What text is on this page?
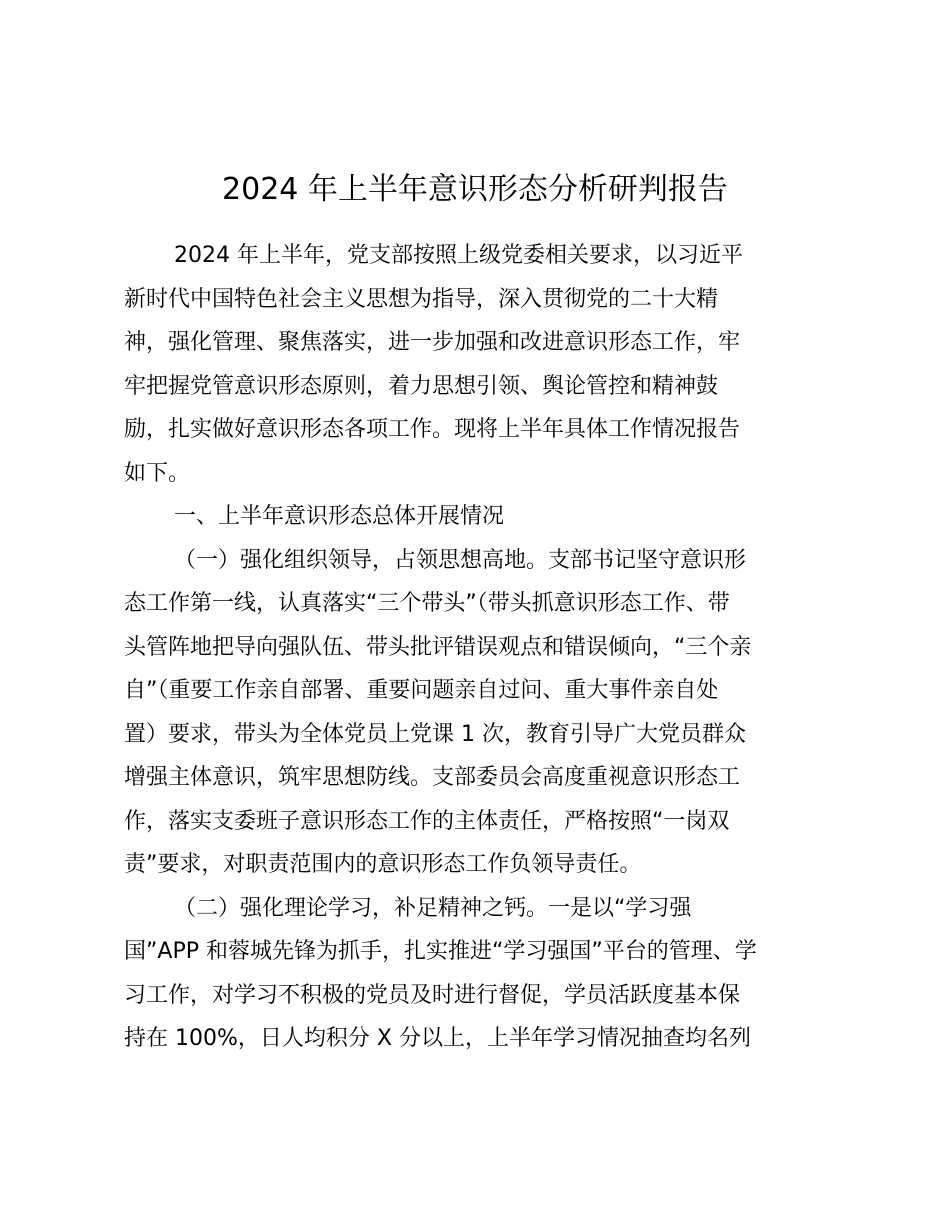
2024 年上半年意识形态分析研判报告

2024 年上半年，党支部按照上级党委相关要求，以习近平

新时代中国特色社会主义思想为指导，深入贯彻党的二十大精

神，强化管理、聚焦落实，进一步加强和改进意识形态工作，牢

牢把握党管意识形态原则，着力思想引领、舆论管控和精神鼓

励，扎实做好意识形态各项工作。现将上半年具体工作情况报告

如下。

一、上半年意识形态总体开展情况

（一）强化组织领导，占领思想高地。支部书记坚守意识形

态工作第一线，认真落实“三个带头”（带头抓意识形态工作、带

头管阵地把导向强队伍、带头批评错误观点和错误倾向，“三个亲

自”（重要工作亲自部署、重要问题亲自过问、重大事件亲自处

置）要求，带头为全体党员上党课 1 次，教育引导广大党员群众

增强主体意识，筑牢思想防线。支部委员会高度重视意识形态工

作，落实支委班子意识形态工作的主体责任，严格按照“一岗双

责”要求，对职责范围内的意识形态工作负领导责任。

（二）强化理论学习，补足精神之钙。一是以“学习强

国”APP 和蓉城先锋为抓手，扎实推进“学习强国”平台的管理、学

习工作，对学习不积极的党员及时进行督促，学员活跃度基本保

持在 100%，日人均积分 X 分以上，上半年学习情况抽查均名列
